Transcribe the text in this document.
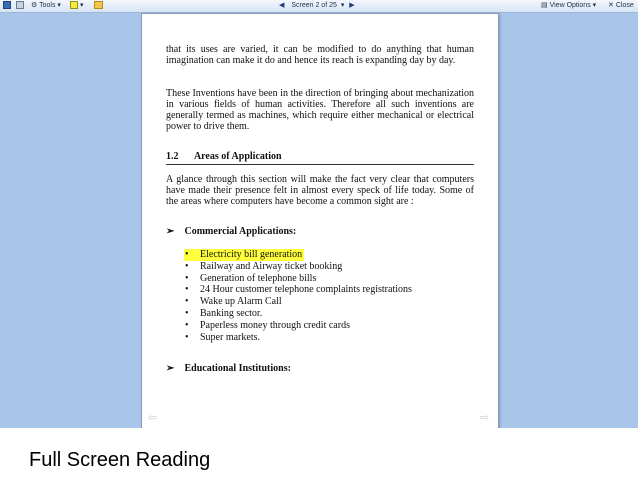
⚙ Tools ▾	▾	◀ Screen 2 of 25 ▾ ▶	▤ View Options ▾ ✕ Close

that its uses are varied, it can be modified to do anything that human imagination can make it do and hence its reach is expanding day by day.

These Inventions have been in the direction of bringing about mechanization in various fields of human activities. Therefore all such inventions are generally termed as machines, which require either mechanical or electrical power to drive them.

1.2 Areas of Application

A glance through this section will make the fact very clear that computers have made their presence felt in almost every speck of life today. Some of the areas where computers have become a common sight are :

➢ Commercial Applications:
• Electricity bill generation
• Railway and Airway ticket booking
• Generation of telephone bills
• 24 Hour customer telephone complaints registrations
• Wake up Alarm Call
• Banking sector.
• Paperless money through credit cards
• Super markets.
➢ Educational Institutions:
⇦	⇨
Full Screen Reading
